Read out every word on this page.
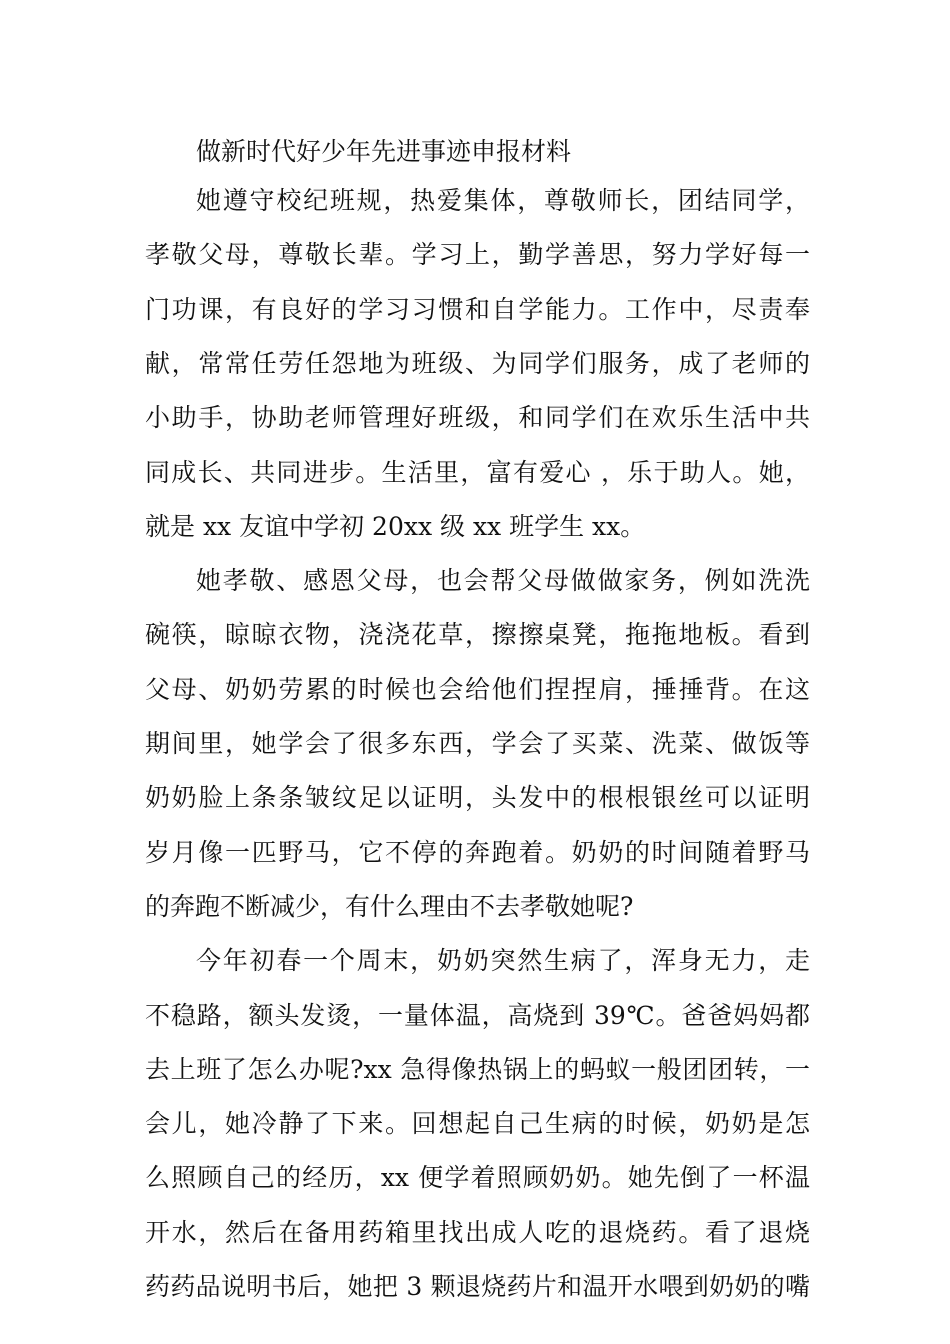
做新时代好少年先进事迹申报材料
她遵守校纪班规，热爱集体，尊敬师长，团结同学，
孝敬父母，尊敬长辈。学习上，勤学善思，努力学好每一
门功课，有良好的学习习惯和自学能力。工作中，尽责奉
献，常常任劳任怨地为班级、为同学们服务，成了老师的
小助手，协助老师管理好班级，和同学们在欢乐生活中共
同成长、共同进步。生活里，富有爱心 ，乐于助人。她，
就是 xx 友谊中学初 20xx 级 xx 班学生 xx。
她孝敬、感恩父母，也会帮父母做做家务，例如洗洗
碗筷，晾晾衣物，浇浇花草，擦擦桌凳，拖拖地板。看到
父母、奶奶劳累的时候也会给他们捏捏肩，捶捶背。在这
期间里，她学会了很多东西，学会了买菜、洗菜、做饭等
奶奶脸上条条皱纹足以证明，头发中的根根银丝可以证明
岁月像一匹野马，它不停的奔跑着。奶奶的时间随着野马
的奔跑不断减少，有什么理由不去孝敬她呢?
今年初春一个周末，奶奶突然生病了，浑身无力，走
不稳路，额头发烫，一量体温，高烧到 39℃。爸爸妈妈都
去上班了怎么办呢?xx 急得像热锅上的蚂蚁一般团团转，一
会儿，她冷静了下来。回想起自己生病的时候，奶奶是怎
么照顾自己的经历，xx 便学着照顾奶奶。她先倒了一杯温
开水，然后在备用药箱里找出成人吃的退烧药。看了退烧
药药品说明书后，她把 3 颗退烧药片和温开水喂到奶奶的嘴
